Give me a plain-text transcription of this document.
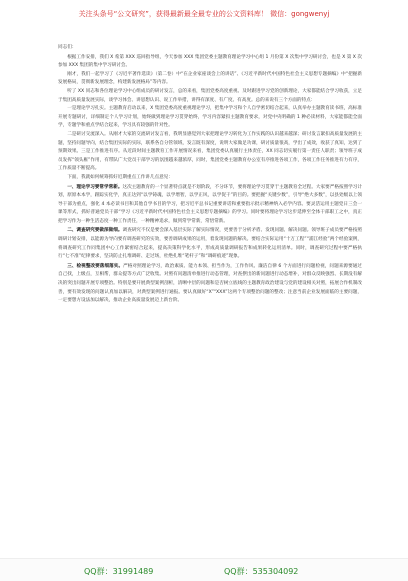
关注头条号“公文研究”，获得最新最全最专业的公文资料库！ 微信：gongwenyj

同志们：

根据工作安排，我们 X 希第 XXX 巡回指导组，今天参加 XXX 集团党委主题教育理论学习中心组 1 月份第 X 次集中学习研讨会，也是 X 第 X 次参加 XXX 集团的集中学习研讨会。

刚才，我们一起学习了《习近平著作选读》（第二卷）中“在企业家座谈会上的讲话”、《习近平新时代中国特色社会主义思想专题摘编》中“把握新发展格局，贯彻新发展理念，构建新发展格局”等内容。

听了 XX 同志和各位理论学习中心组成员的研讨发言，总的来看，集团党委高度重视、及时跟进学习党的创新理论，大家都能结合学习收获，立足于集团高质量发展实际，谈学习体会、讲思想认识、说工作举措，讲得有深度、有广度、有高度。总的来说有三个方面的特点：

一是理论学习扎实。主题教育启动以来，X 集团党委高度重视理论学习，把集中学习和个人自学密切结合起来，认真举办主题教育读书班，高标准开展专题研讨，详细制定个人学习计划，始终做到理论学习贯穿始终，学习内容紧扣主题教育要求，对党中央明确的 1 种必读材料，大家能都能全面学，专题学和重点学结合起来，学习具有较强的针对性。

二是研讨交流深入。从刚才大家的交流研讨发言看，我明显感觉到大家把理论学习转化为工作实践的认识越来越深；研讨发言紧扣高质量发展的主题，坚持问题导向，结合集团实际的实际，联系各自分管领域，发言既有深度，说明大家做足功课，研讨质量很高，学出了成效，收获了真知，达到了预期效果。三是工作推进有序。从近段时间主题教育工作开展情况来看，集团党委认真履行主体责任，XX 同志切实履行第一责任人职责；领导班子成员发挥“领头雁”作用，有带队广大党员干部学习的氛围越来越浓厚，同时，集团党委主题教育办公室有序推进各项工作，各项工作任务推进有力有序，工作质量不断提高。

下面，我就如何统筹抓好近期重点工作讲几点意见：

一、理论学习要常学常新。这次主题教育的一个显著特点就是不划阶段，不分环节，要将理论学习贯穿于主题教育全过程。大家要严格按照学习计划，原原本本学，跟踪实化学，真正达到“以学铸魂，以学增智，以学正风，以学促干”的目的。要把握“关键少数”，引导“绝大多数”，以县处级以上领导干部为重点，强化 4 本必读书目和其他自学书目的学习，把习近平总书记重要讲话和重要指示批示精神纳入必学内容。要灵活运用主题党日三会一课等形式，抓好普通党员干部“学习《习近平新时代中国特色社会主义思想专题摘编》的学习。同时要将理论学习这步延伸至全体干部职工之中，真正把学习作为一种生活态度一种工作责任，一种精神追求，做到常学常新，常悟常新。

二、调查研究要做深做细。调查研究不仅是要会深入基层实际了解实际情况，更要善于分析矛盾、发现问题、解决问题。领导班子成员要严格按照调研计划安排，以能源为导向要有调查研究的实效，要善调研成果的运用，着发现问题的解决。要结合实际运用“十万工程”“浦江经验”两个经验案例，将调查研究工作同集团中心工作紧密结合起来，提高决策科学化水平，形成高质量调研报告和成果转化运用清单。同时，调查研究过程中要严格执行“七不准”纪律要求，坚决防止扎堆调研、走过场，杜绝扎堆“笔杆子”和“调研痕迹”现象。

三、检视整改要落细落实。严格对照理论学习，政治素质、能力本领、担当作为，工作作风、廉洁自律 6 个方面进行问题检视，问题来源要通过自己找，上级点，互相帮，群众提等方式广泛收集。对照有问题清单推进行动态管理，对查摆出的新问题进行动态增补，对群众反映强烈、长期没有解决的突出问题开展专项整治。特别是要开展典型案例剖析，清晰中层的问题和是否树立底线的主题教育政治建设与党的建设相关对照，拓展合作机制改善，要有效发现的问题认真加以解决，对典型案例进行通报。要认真做好“X”“XXX”这两个专项整治问题的整改；注意当前企业发展面临的主要问题，一定要想方设法加以解决，推动企业高质量发展迈上新台阶。

QQ群：31991489	QQ群：535304092
